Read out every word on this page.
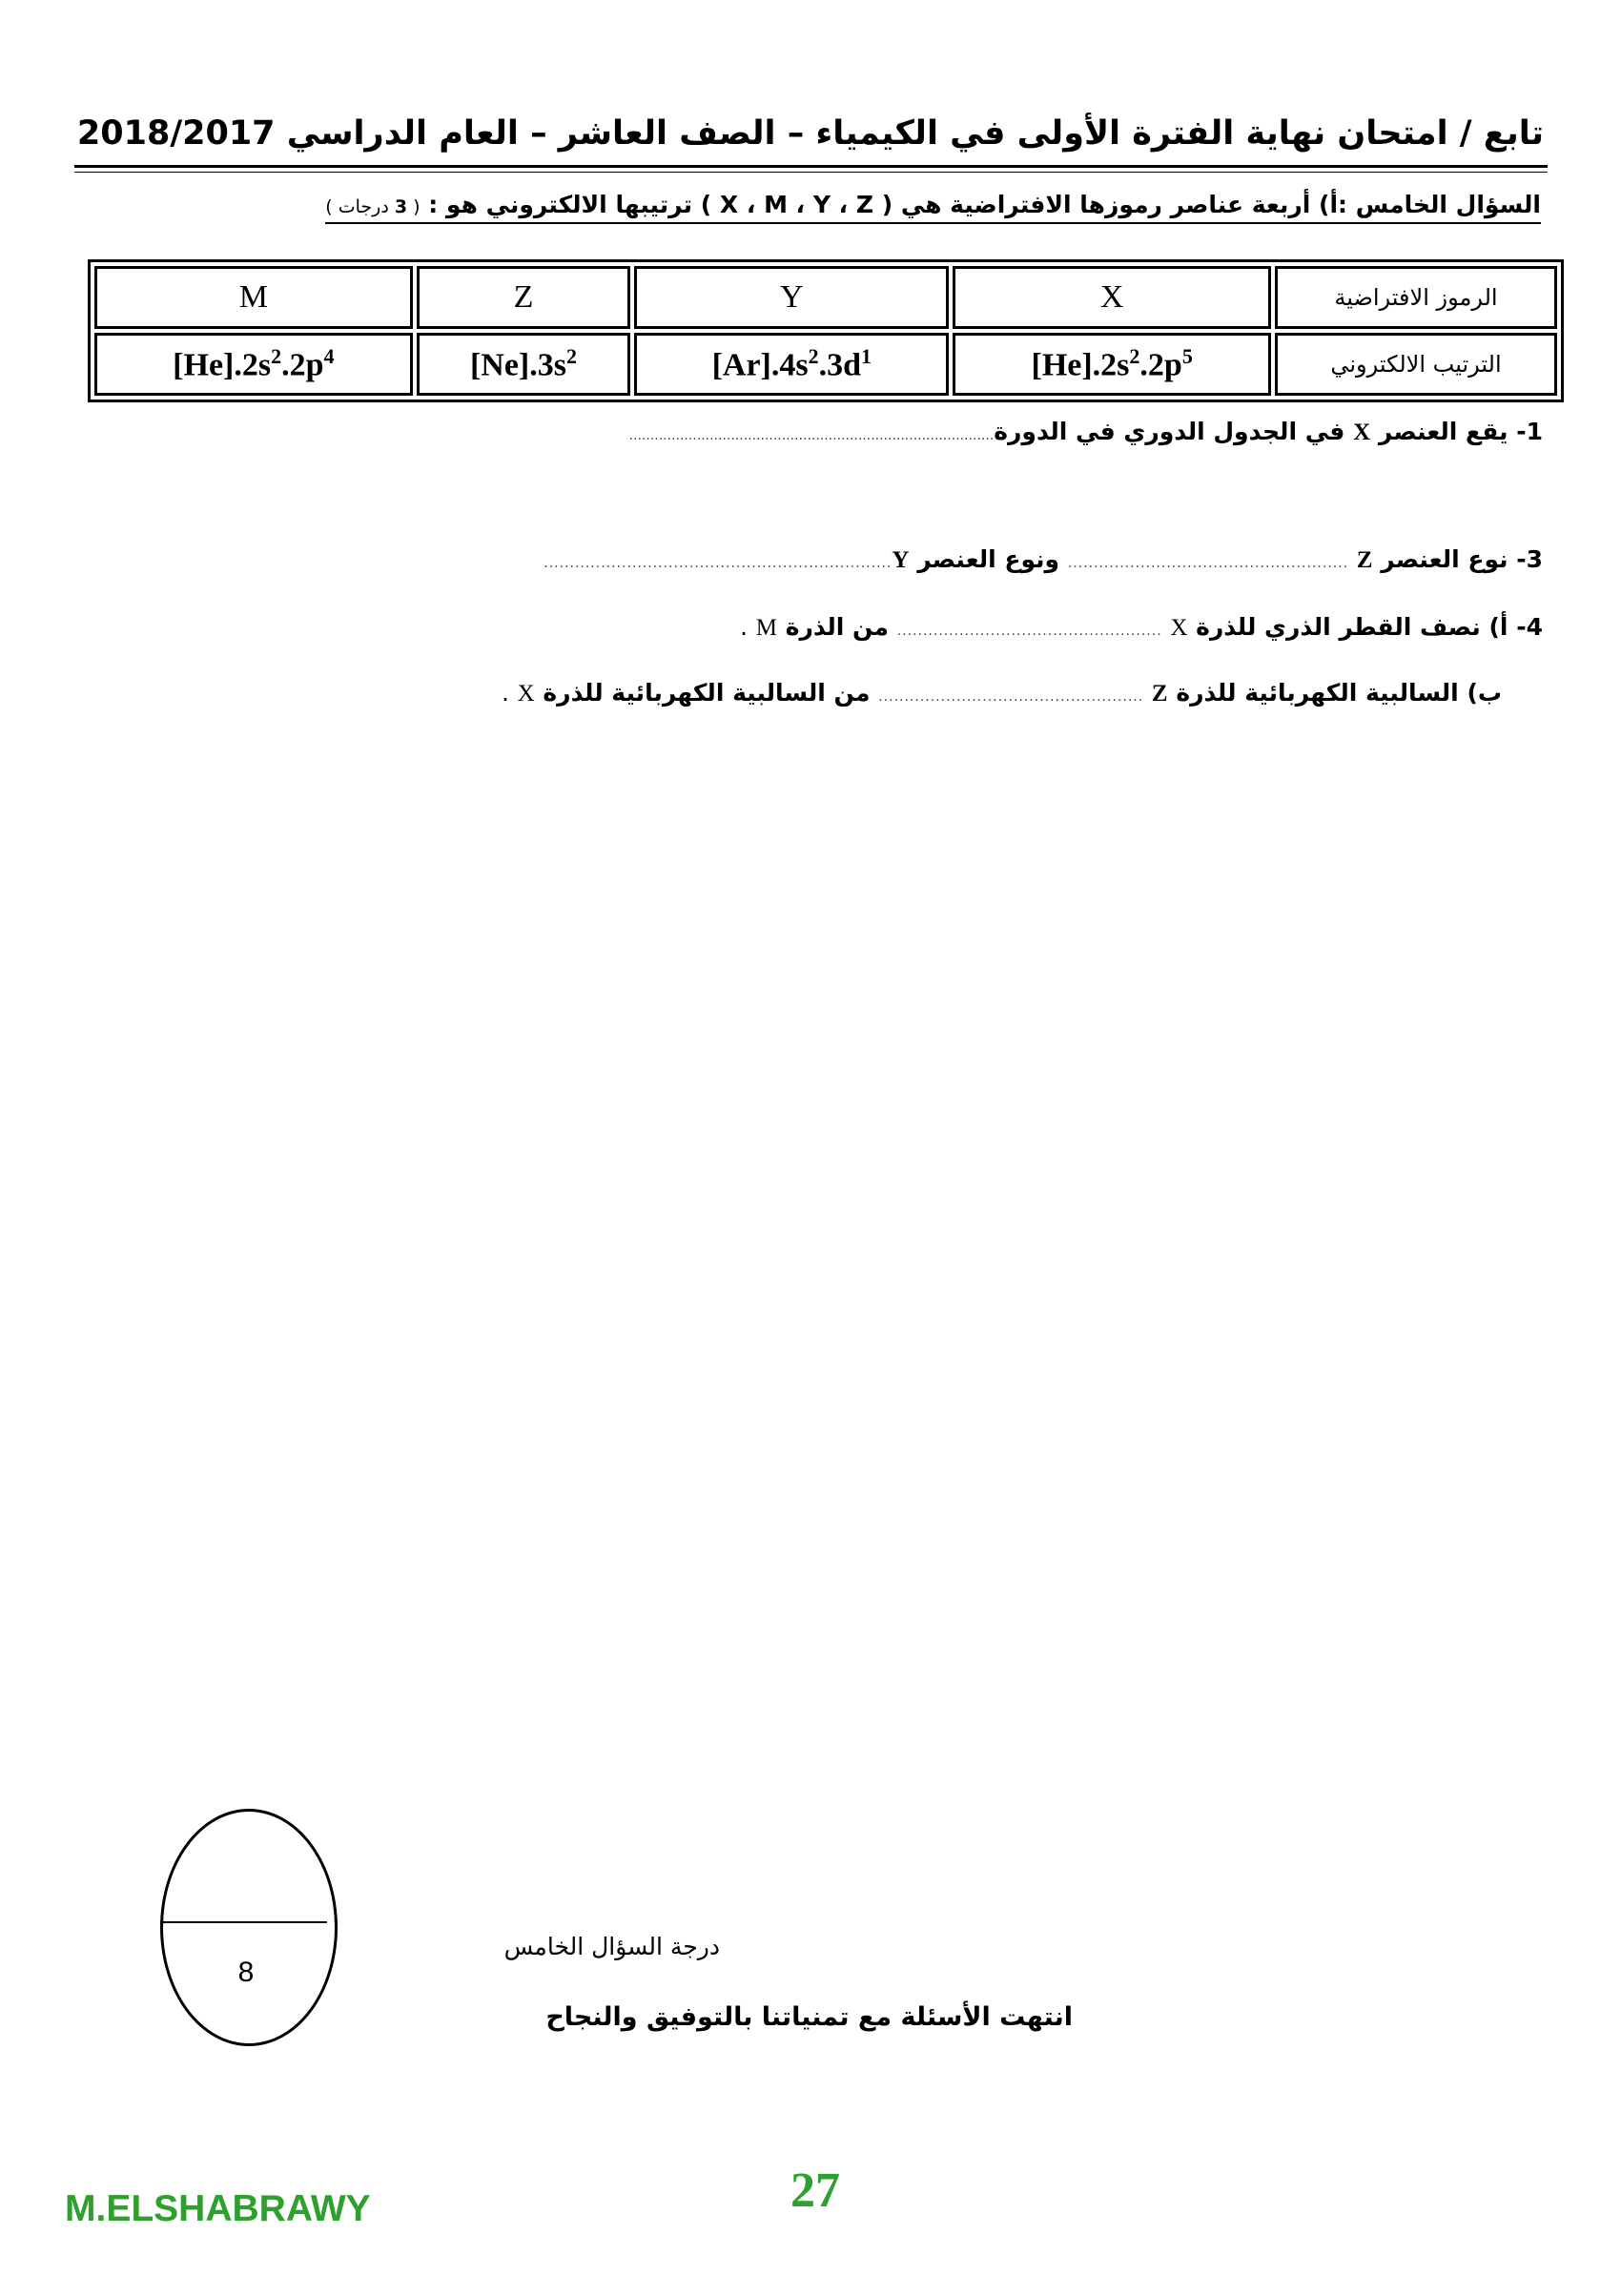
تابع / امتحان نهاية الفترة الأولى في الكيمياء – الصف العاشر – العام الدراسي 2018/2017
السؤال الخامس :أ) أربعة عناصر رموزها الافتراضية هي ( X ، M ، Y ، Z ) ترتيبها الالكتروني هو : ( 3 درجات )
الرموز الافتراضية	X	Y	Z	M
الترتيب الالكتروني	$[He].2s^2.2p^5$	$[Ar].4s^2.3d^1$	$[Ne].3s^2$	$[He].2s^2.2p^4$
1- يقع العنصر X في الجدول الدوري في الدورة......................................................................................
3- نوع العنصر Z ...................................................... ونوع العنصر Y...................................................................
4- أ) نصف القطر الذري للذرة X ................................................... من الذرة M .
ب) السالبية الكهربائية للذرة Z ................................................... من السالبية الكهربائية للذرة X .
8
درجة السؤال الخامس
انتهت الأسئلة مع تمنياتنا بالتوفيق والنجاح
M.ELSHABRAWY	27
